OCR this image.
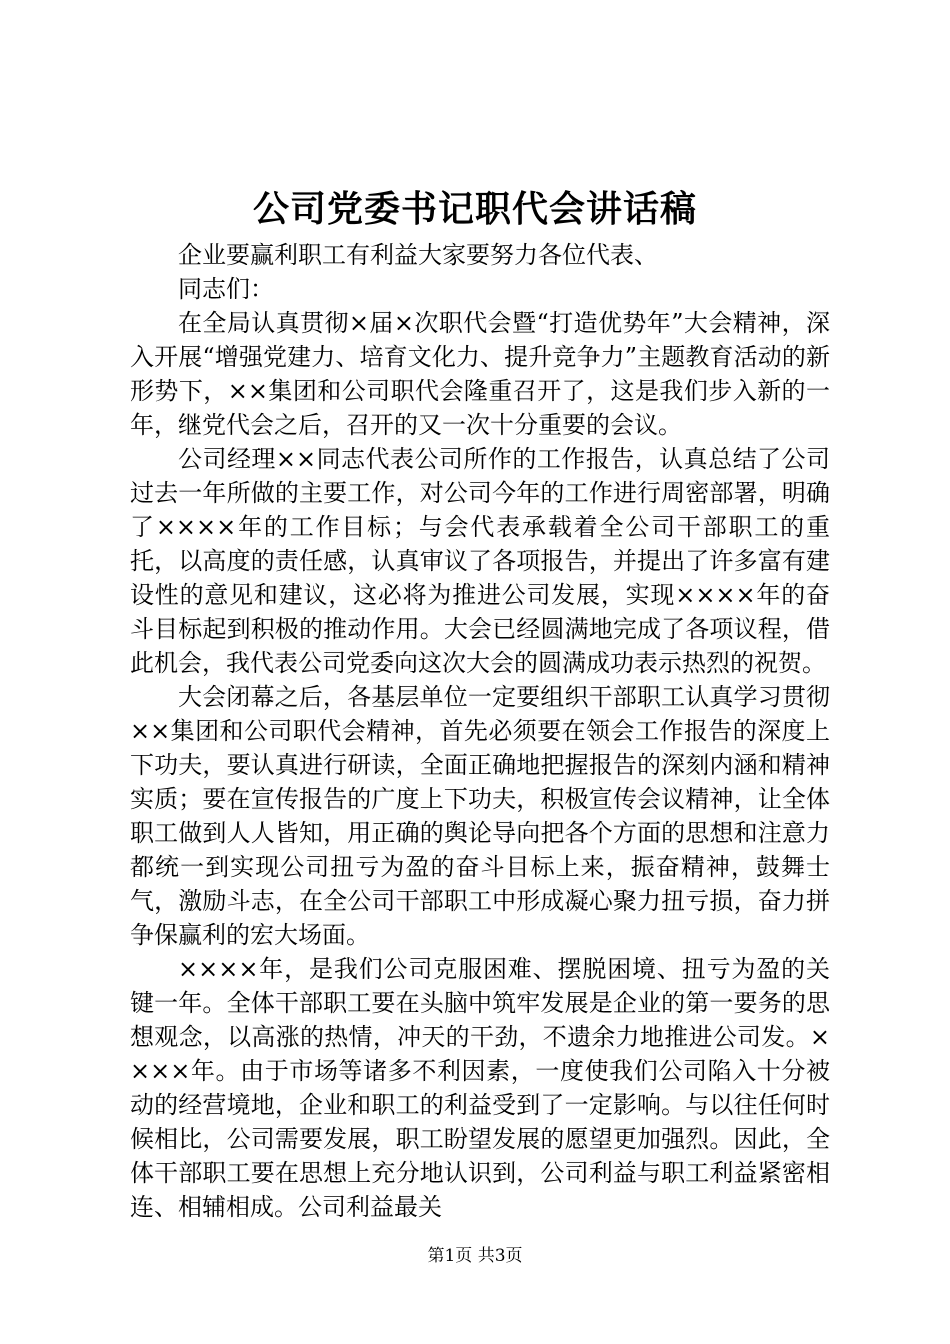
公司党委书记职代会讲话稿

企业要赢利职工有利益大家要努力各位代表、

同志们：

在全局认真贯彻×届×次职代会暨“打造优势年”大会精神，深入开展“增强党建力、培育文化力、提升竞争力”主题教育活动的新形势下，××集团和公司职代会隆重召开了，这是我们步入新的一年，继党代会之后，召开的又一次十分重要的会议。

公司经理××同志代表公司所作的工作报告，认真总结了公司过去一年所做的主要工作，对公司今年的工作进行周密部署，明确了××××年的工作目标；与会代表承载着全公司干部职工的重托，以高度的责任感，认真审议了各项报告，并提出了许多富有建设性的意见和建议，这必将为推进公司发展，实现××××年的奋斗目标起到积极的推动作用。大会已经圆满地完成了各项议程，借此机会，我代表公司党委向这次大会的圆满成功表示热烈的祝贺。

大会闭幕之后，各基层单位一定要组织干部职工认真学习贯彻××集团和公司职代会精神，首先必须要在领会工作报告的深度上下功夫，要认真进行研读，全面正确地把握报告的深刻内涵和精神实质；要在宣传报告的广度上下功夫，积极宣传会议精神，让全体职工做到人人皆知，用正确的舆论导向把各个方面的思想和注意力都统一到实现公司扭亏为盈的奋斗目标上来，振奋精神，鼓舞士气，激励斗志，在全公司干部职工中形成凝心聚力扭亏损，奋力拼争保赢利的宏大场面。

××××年，是我们公司克服困难、摆脱困境、扭亏为盈的关键一年。全体干部职工要在头脑中筑牢发展是企业的第一要务的思想观念，以高涨的热情，冲天的干劲，不遗余力地推进公司发。××××年。由于市场等诸多不利因素，一度使我们公司陷入十分被动的经营境地，企业和职工的利益受到了一定影响。与以往任何时候相比，公司需要发展，职工盼望发展的愿望更加强烈。因此，全体干部职工要在思想上充分地认识到，公司利益与职工利益紧密相连、相辅相成。公司利益最关

第1页 共3页
